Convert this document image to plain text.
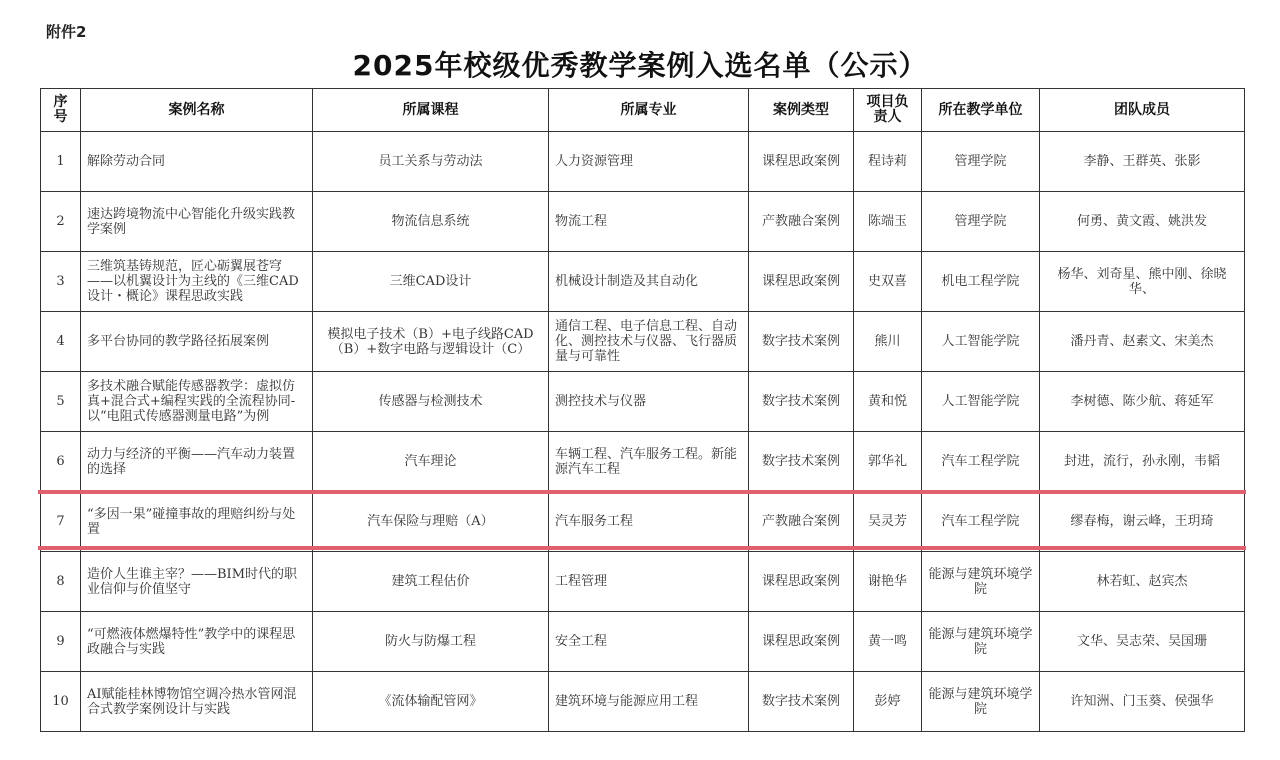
附件2
2025年校级优秀教学案例入选名单（公示）
序号	案例名称	所属课程	所属专业	案例类型	项目负责人	所在教学单位	团队成员

1	解除劳动合同	员工关系与劳动法	人力资源管理	课程思政案例	程诗莉	管理学院	李静、王群英、张影

2	速达跨境物流中心智能化升级实践教学案例	物流信息系统	物流工程	产教融合案例	陈端玉	管理学院	何勇、黄文霞、姚洪发

3	三维筑基铸规范，匠心砺翼展苍穹——以机翼设计为主线的《三维CAD设计・概论》课程思政实践	三维CAD设计	机械设计制造及其自动化	课程思政案例	史双喜	机电工程学院	杨华、刘奇星、熊中刚、徐晓华、

4	多平台协同的教学路径拓展案例	模拟电子技术（B）+电子线路CAD（B）+数字电路与逻辑设计（C）	通信工程、电子信息工程、自动化、测控技术与仪器、飞行器质量与可靠性	数字技术案例	熊川	人工智能学院	潘丹青、赵素文、宋美杰

5	多技术融合赋能传感器教学：虚拟仿真+混合式+编程实践的全流程协同-以“电阻式传感器测量电路”为例	传感器与检测技术	测控技术与仪器	数字技术案例	黄和悦	人工智能学院	李树德、陈少航、蒋延军

6	动力与经济的平衡——汽车动力装置的选择	汽车理论	车辆工程、汽车服务工程。新能源汽车工程	数字技术案例	郭华礼	汽车工程学院	封进，流行，孙永刚，韦韬

7	“多因一果”碰撞事故的理赔纠纷与处置	汽车保险与理赔（A）	汽车服务工程	产教融合案例	吴灵芳	汽车工程学院	缪春梅，谢云峰，王玥琦

8	造价人生谁主宰？——BIM时代的职业信仰与价值坚守	建筑工程估价	工程管理	课程思政案例	谢艳华	能源与建筑环境学院	林若虹、赵宾杰

9	“可燃液体燃爆特性”教学中的课程思政融合与实践	防火与防爆工程	安全工程	课程思政案例	黄一鸣	能源与建筑环境学院	文华、吴志荣、吴国珊

10	AI赋能桂林博物馆空调冷热水管网混合式教学案例设计与实践	《流体输配管网》	建筑环境与能源应用工程	数字技术案例	彭婷	能源与建筑环境学院	许知洲、门玉葵、侯强华
